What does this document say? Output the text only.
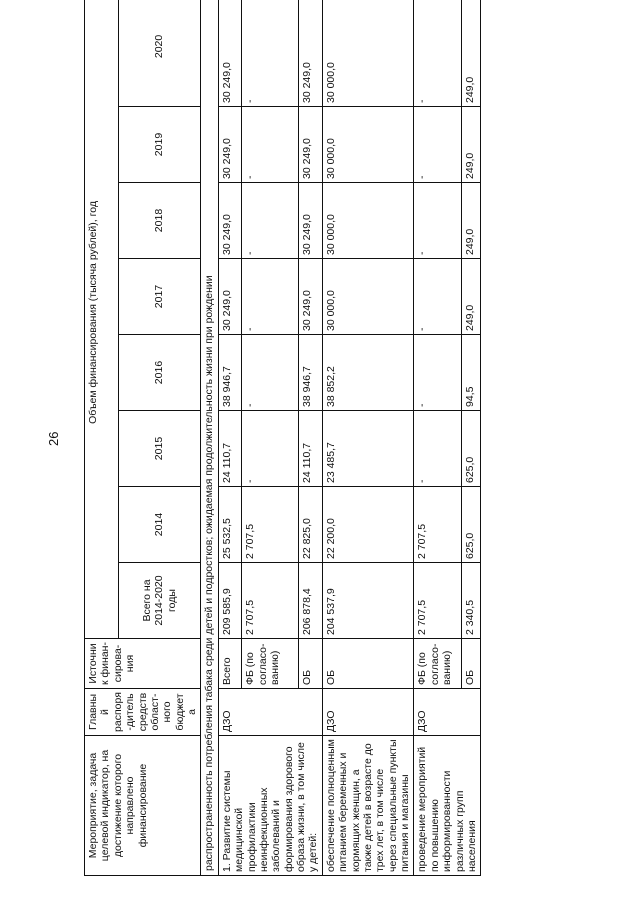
26
Мероприятие, задача целевой индикатор, на достижение которого направлено финансирование	Главный распоря-дитель средств област-ного бюджета	Источник финан-сирова-ния	Объем финансирования (тысяча рублей), год							
			Всего на 2014-2020 годы	2014	2015	2016	2017	2018	2019	2020
распространенность потребления табака среди детей и подростков; ожидаемая продолжительность жизни при рождении										
1. Развитие системы медицинской профилактики неинфекционных заболеваний и формирования здорового образа жизни, в том числе у детей:	ДЗО	Всего	209 585,9	25 532,5	24 110,7	38 946,7	30 249,0	30 249,0	30 249,0	30 249,0
		ФБ (по согласо-ванию)	2 707,5	2 707,5	-	-	-	-	-	-
		ОБ	206 878,4	22 825,0	24 110,7	38 946,7	30 249,0	30 249,0	30 249,0	30 249,0
обеспечение полноценным питанием беременных и кормящих женщин, а также детей в возрасте до трех лет, в том числе через специальные пункты питания и магазины	ДЗО	ОБ	204 537,9	22 200,0	23 485,7	38 852,2	30 000,0	30 000,0	30 000,0	30 000,0
проведение мероприятий по повышению информированности различных групп населения	ДЗО	ФБ (по согласо-ванию)	2 707,5	2 707,5	-	-	-	-	-	-
		ОБ	2 340,5	625,0	625,0	94,5	249,0	249,0	249,0	249,0
